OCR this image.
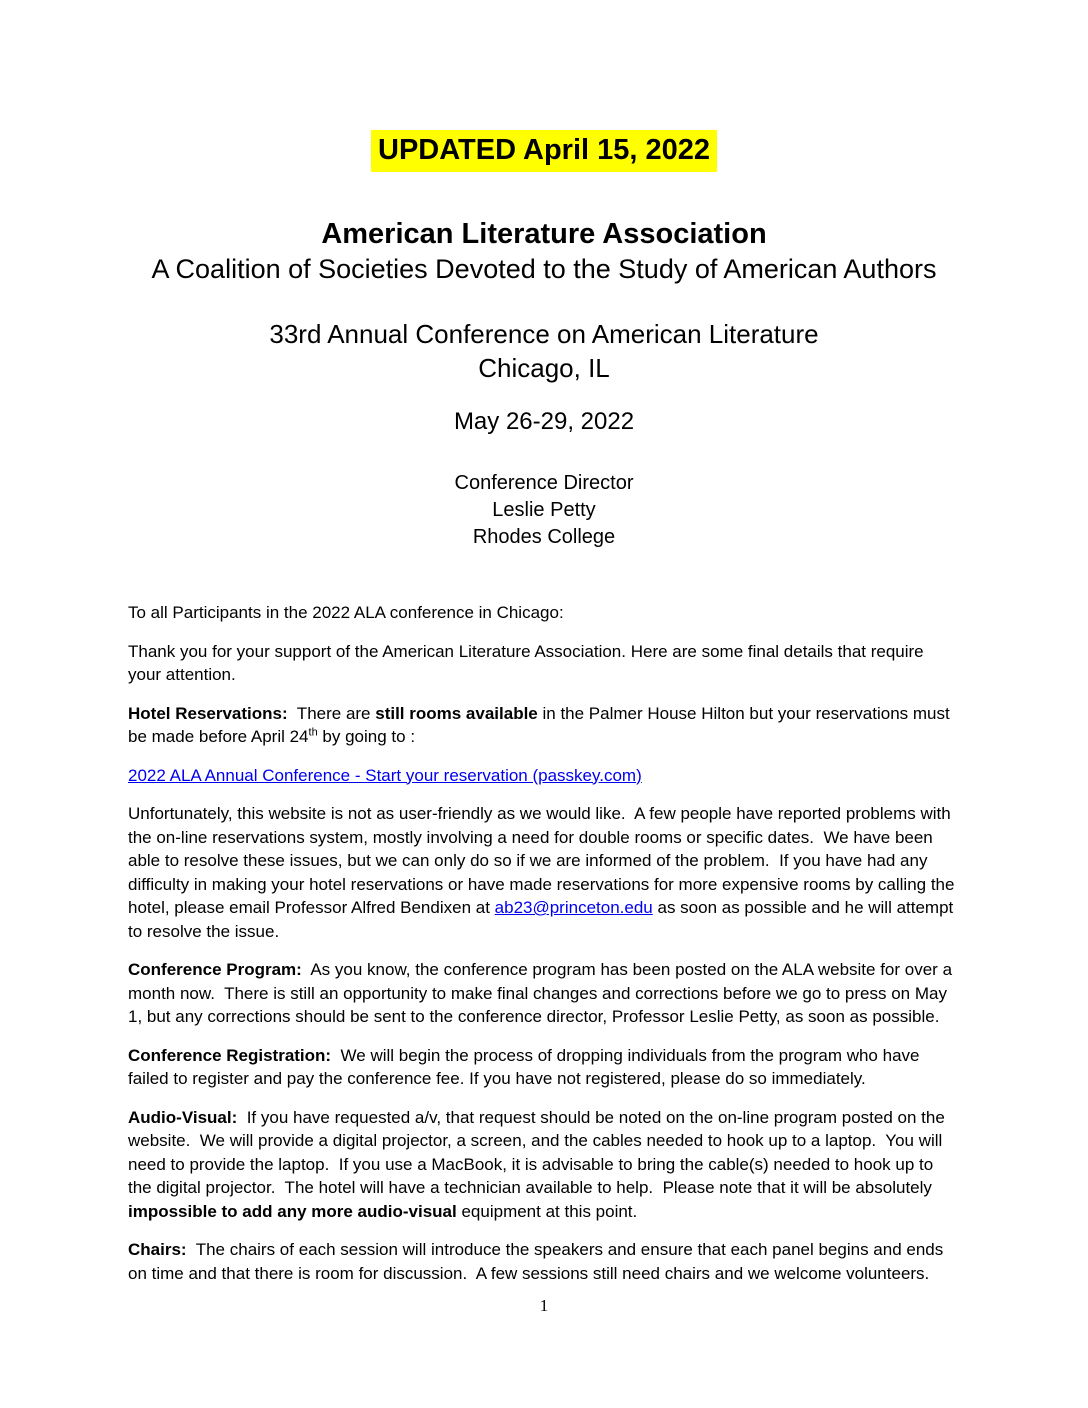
UPDATED April 15, 2022
American Literature Association
A Coalition of Societies Devoted to the Study of American Authors
33rd Annual Conference on American Literature
Chicago, IL
May 26-29, 2022
Conference Director
Leslie Petty
Rhodes College

To all Participants in the 2022 ALA conference in Chicago:

Thank you for your support of the American Literature Association. Here are some final details that require your attention.

Hotel Reservations:  There are still rooms available in the Palmer House Hilton but your reservations must be made before April 24th by going to :

2022 ALA Annual Conference - Start your reservation (passkey.com)

Unfortunately, this website is not as user-friendly as we would like.  A few people have reported problems with the on-line reservations system, mostly involving a need for double rooms or specific dates.  We have been able to resolve these issues, but we can only do so if we are informed of the problem.  If you have had any difficulty in making your hotel reservations or have made reservations for more expensive rooms by calling the hotel, please email Professor Alfred Bendixen at ab23@princeton.edu as soon as possible and he will attempt to resolve the issue.

Conference Program:  As you know, the conference program has been posted on the ALA website for over a month now.  There is still an opportunity to make final changes and corrections before we go to press on May 1, but any corrections should be sent to the conference director, Professor Leslie Petty, as soon as possible.

Conference Registration:  We will begin the process of dropping individuals from the program who have failed to register and pay the conference fee. If you have not registered, please do so immediately.

Audio-Visual:  If you have requested a/v, that request should be noted on the on-line program posted on the website.  We will provide a digital projector, a screen, and the cables needed to hook up to a laptop.  You will need to provide the laptop.  If you use a MacBook, it is advisable to bring the cable(s) needed to hook up to the digital projector.  The hotel will have a technician available to help.  Please note that it will be absolutely impossible to add any more audio-visual equipment at this point.

Chairs:  The chairs of each session will introduce the speakers and ensure that each panel begins and ends on time and that there is room for discussion.  A few sessions still need chairs and we welcome volunteers.

1
